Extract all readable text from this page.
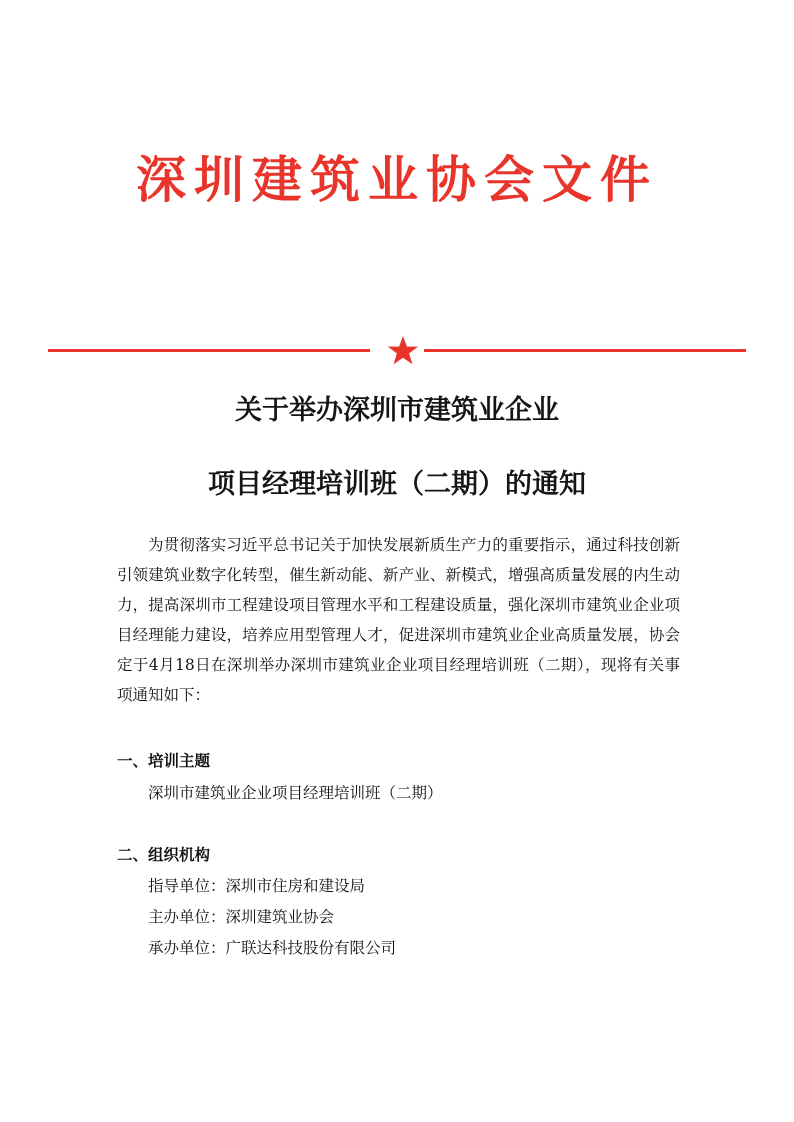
深圳建筑业协会文件
关于举办深圳市建筑业企业
项目经理培训班（二期）的通知

为贯彻落实习近平总书记关于加快发展新质生产力的重要指示，通过科技创新引领建筑业数字化转型，催生新动能、新产业、新模式，增强高质量发展的内生动力，提高深圳市工程建设项目管理水平和工程建设质量，强化深圳市建筑业企业项目经理能力建设，培养应用型管理人才，促进深圳市建筑业企业高质量发展，协会定于4月18日在深圳举办深圳市建筑业企业项目经理培训班（二期），现将有关事项通知如下：

一、培训主题
深圳市建筑业企业项目经理培训班（二期）
二、组织机构
指导单位：深圳市住房和建设局
主办单位：深圳建筑业协会
承办单位：广联达科技股份有限公司
